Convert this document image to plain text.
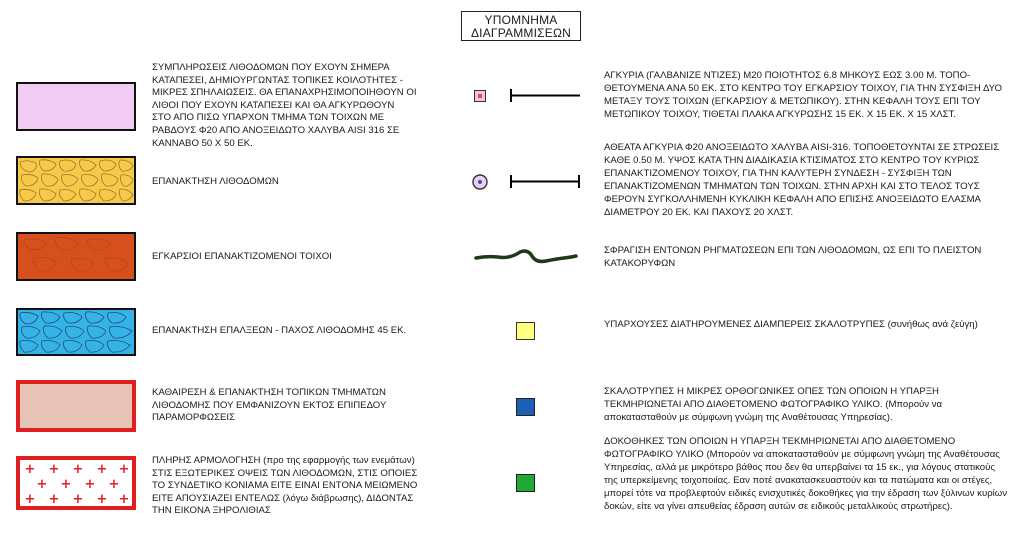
ΥΠΟΜΝΗΜΑ
ΔΙΑΓΡΑΜΜΙΣΕΩΝ
ΣΥΜΠΛΗΡΩΣΕΙΣ ΛΙΘΟΔΟΜΩΝ ΠΟΥ ΕΧΟΥΝ ΣΗΜΕΡΑ
ΚΑΤΑΠΕΣΕΙ, ΔΗΜΙΟΥΡΓΩΝΤΑΣ ΤΟΠΙΚΕΣ ΚΟΙΛΟΤΗΤΕΣ -
ΜΙΚΡΕΣ ΣΠΗΛΑΙΩΣΕΙΣ. ΘΑ ΕΠΑΝΑΧΡΗΣΙΜΟΠΟΙΗΘΟΥΝ ΟΙ
ΛΙΘΟΙ ΠΟΥ ΕΧΟΥΝ ΚΑΤΑΠΕΣΕΙ ΚΑΙ ΘΑ ΑΓΚΥΡΩΘΟΥΝ
ΣΤΟ ΑΠΟ ΠΙΣΩ ΥΠΑΡΧΟΝ ΤΜΗΜΑ ΤΩΝ ΤΟΙΧΩΝ ΜΕ
ΡΑΒΔΟΥΣ Φ20 ΑΠΟ ΑΝΟΞΕΙΔΩΤΟ ΧΑΛΥΒΑ AISI 316 ΣΕ
ΚΑΝΝΑΒΟ 50 Χ 50 ΕΚ.
ΕΠΑΝΑΚΤΗΣΗ ΛΙΘΟΔΟΜΩΝ
ΕΓΚΑΡΣΙΟΙ ΕΠΑΝΑΚΤΙΖΟΜΕΝΟΙ ΤΟΙΧΟΙ
ΕΠΑΝΑΚΤΗΣΗ ΕΠΑΛΞΕΩΝ - ΠΑΧΟΣ ΛΙΘΟΔΟΜΗΣ 45 ΕΚ.
ΚΑΘΑΙΡΕΣΗ & ΕΠΑΝΑΚΤΗΣΗ ΤΟΠΙΚΩΝ ΤΜΗΜΑΤΩΝ
ΛΙΘΟΔΟΜΗΣ ΠΟΥ ΕΜΦΑΝΙΖΟΥΝ ΕΚΤΟΣ ΕΠΙΠΕΔΟΥ
ΠΑΡΑΜΟΡΦΩΣΕΙΣ
+ + + + +
+ + + +
+ + + + +
ΠΛΗΡΗΣ ΑΡΜΟΛΟΓΗΣΗ (προ της εφαρμογής των ενεμάτων)
ΣΤΙΣ ΕΞΩΤΕΡΙΚΕΣ ΟΨΕΙΣ ΤΩΝ ΛΙΘΟΔΟΜΩΝ, ΣΤΙΣ ΟΠΟΙΕΣ
ΤΟ ΣΥΝΔΕΤΙΚΟ ΚΟΝΙΑΜΑ ΕΙΤΕ ΕΙΝΑΙ ΕΝΤΟΝΑ ΜΕΙΩΜΕΝΟ
ΕΙΤΕ ΑΠΟΥΣΙΑΖΕΙ ΕΝΤΕΛΩΣ (λόγω διάβρωσης), ΔΙΔΟΝΤΑΣ
ΤΗΝ ΕΙΚΟΝΑ ΞΗΡΟΛΙΘΙΑΣ
ΑΓΚΥΡΙΑ (ΓΑΛΒΑΝΙΖΕ ΝΤΙΖΕΣ) Μ20 ΠΟΙΟΤΗΤΟΣ 6.8 ΜΗΚΟΥΣ ΕΩΣ 3.00 Μ. ΤΟΠΟ-ΘΕΤΟΥΜΕΝΑ ΑΝΑ 50 ΕΚ. ΣΤΟ ΚΕΝΤΡΟ ΤΟΥ ΕΓΚΑΡΣΙΟΥ ΤΟΙΧΟΥ, ΓΙΑ ΤΗΝ ΣΥΣΦΙΞΗ ΔΥΟ ΜΕΤΑΞΥ ΤΟΥΣ ΤΟΙΧΩΝ (ΕΓΚΑΡΣΙΟΥ & ΜΕΤΩΠΙΚΟΥ). ΣΤΗΝ ΚΕΦΑΛΗ ΤΟΥΣ ΕΠΙ ΤΟΥ ΜΕΤΩΠΙΚΟΥ ΤΟΙΧΟΥ, ΤΙΘΕΤΑΙ ΠΛΑΚΑ ΑΓΚΥΡΩΣΗΣ 15 ΕΚ. Χ 15 ΕΚ. Χ 15 ΧΛΣΤ.
ΑΘΕΑΤΑ ΑΓΚΥΡΙΑ Φ20 ΑΝΟΞΕΙΔΩΤΟ ΧΑΛΥΒΑ AISI-316. ΤΟΠΟΘΕΤΟΥΝΤΑΙ ΣΕ ΣΤΡΩΣΕΙΣ ΚΑΘΕ 0.50 Μ. ΥΨΟΣ ΚΑΤΑ ΤΗΝ ΔΙΑΔΙΚΑΣΙΑ ΚΤΙΣΙΜΑΤΟΣ ΣΤΟ ΚΕΝΤΡΟ ΤΟΥ ΚΥΡΙΩΣ ΕΠΑΝΑΚΤΙΖΟΜΕΝΟΥ ΤΟΙΧΟΥ, ΓΙΑ ΤΗΝ ΚΑΛΥΤΕΡΗ ΣΥΝΔΕΣΗ - ΣΥΣΦΙΞΗ ΤΩΝ ΕΠΑΝΑΚΤΙΖΟΜΕΝΩΝ ΤΜΗΜΑΤΩΝ ΤΩΝ ΤΟΙΧΩΝ. ΣΤΗΝ ΑΡΧΗ ΚΑΙ ΣΤΟ ΤΕΛΟΣ ΤΟΥΣ ΦΕΡΟΥΝ ΣΥΓΚΟΛΛΗΜΕΝΗ ΚΥΚΛΙΚΗ ΚΕΦΑΛΗ ΑΠΟ ΕΠΙΣΗΣ ΑΝΟΞΕΙΔΩΤΟ ΕΛΑΣΜΑ ΔΙΑΜΕΤΡΟΥ 20 ΕΚ. ΚΑΙ ΠΑΧΟΥΣ 20 ΧΛΣΤ.
ΣΦΡΑΓΙΣΗ ΕΝΤΟΝΩΝ ΡΗΓΜΑΤΩΣΕΩΝ ΕΠΙ ΤΩΝ ΛΙΘΟΔΟΜΩΝ, ΩΣ ΕΠΙ ΤΟ ΠΛΕΙΣΤΟΝ ΚΑΤΑΚΟΡΥΦΩΝ
ΥΠΑΡΧΟΥΣΕΣ ΔΙΑΤΗΡΟΥΜΕΝΕΣ ΔΙΑΜΠΕΡΕΙΣ ΣΚΑΛΟΤΡΥΠΕΣ (συνήθως ανά ζεύγη)
ΣΚΑΛΟΤΡΥΠΕΣ Η ΜΙΚΡΕΣ ΟΡΘΟΓΩΝΙΚΕΣ ΟΠΕΣ ΤΩΝ ΟΠΟΙΩΝ Η ΥΠΑΡΞΗ ΤΕΚΜΗΡΙΩΝΕΤΑΙ ΑΠΟ ΔΙΑΘΕΤΟΜΕΝΟ ΦΩΤΟΓΡΑΦΙΚΟ ΥΛΙΚΟ. (Μπορούν να αποκατασταθούν με σύμφωνη γνώμη της Αναθέτουσας Υπηρεσίας).
ΔΟΚΟΘΗΚΕΣ ΤΩΝ ΟΠΟΙΩΝ Η ΥΠΑΡΞΗ ΤΕΚΜΗΡΙΩΝΕΤΑΙ ΑΠΟ ΔΙΑΘΕΤΟΜΕΝΟ ΦΩΤΟΓΡΑΦΙΚΟ ΥΛΙΚΟ (Μπορούν να αποκατασταθούν με σύμφωνη γνώμη της Αναθέτουσας Υπηρεσίας, αλλά με μικρότερο βάθος που δεν θα υπερβαίνει τα 15 εκ., για λόγους στατικούς της υπερκείμενης τοιχοποιίας. Εαν ποτέ ανακατασκευαστούν και τα πατώματα και οι στέγες, μπορεί τότε να προβλεφτούν ειδικές ενισχυτικές δοκοθήκες για την έδραση των ξύλινων κυρίων δοκών, είτε να γίνει απευθείας έδραση αυτών σε ειδικούς μεταλλικούς στρωτήρες).
